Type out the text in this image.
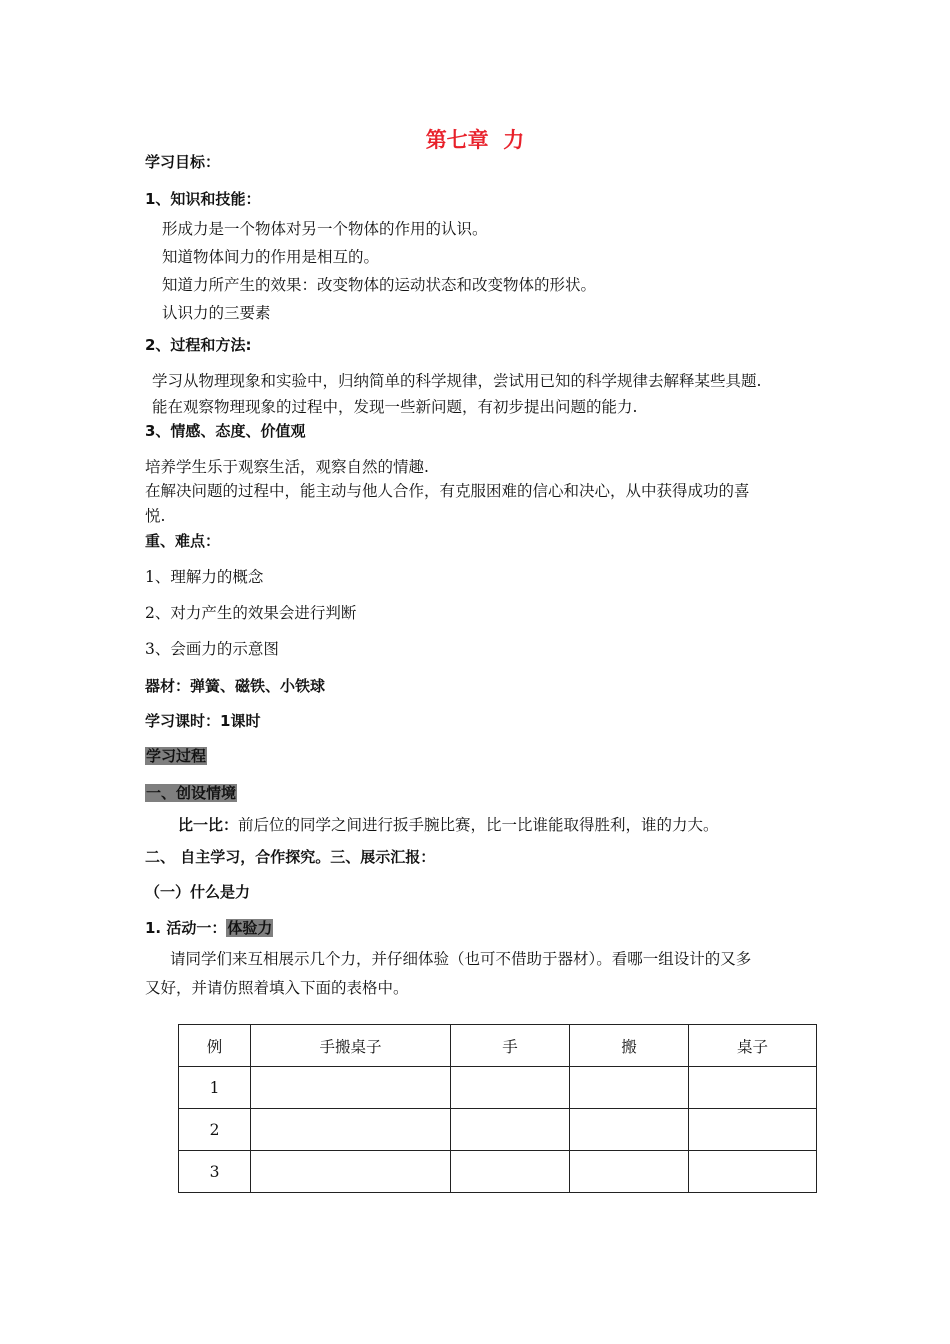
第七章  力
学习目标：
1、知识和技能：
形成力是一个物体对另一个物体的作用的认识。
知道物体间力的作用是相互的。
知道力所产生的效果：改变物体的运动状态和改变物体的形状。
认识力的三要素
2、过程和方法:
学习从物理现象和实验中，归纳简单的科学规律，尝试用已知的科学规律去解释某些具题.
能在观察物理现象的过程中，发现一些新问题，有初步提出问题的能力.
3、情感、态度、价值观
培养学生乐于观察生活，观察自然的情趣.
在解决问题的过程中，能主动与他人合作，有克服困难的信心和决心，从中获得成功的喜
悦.
重、难点：
1、理解力的概念
2、对力产生的效果会进行判断
3、会画力的示意图
器材：弹簧、磁铁、小铁球
学习课时：1课时
学习过程
一、创设情境
比一比：前后位的同学之间进行扳手腕比赛，比一比谁能取得胜利，谁的力大。
二、 自主学习，合作探究。三、展示汇报：
（一）什么是力
1. 活动一：体验力
请同学们来互相展示几个力，并仔细体验（也可不借助于器材）。看哪一组设计的又多
又好，并请仿照着填入下面的表格中。
例	手搬桌子	手	搬	桌子
1				
2				
3				
